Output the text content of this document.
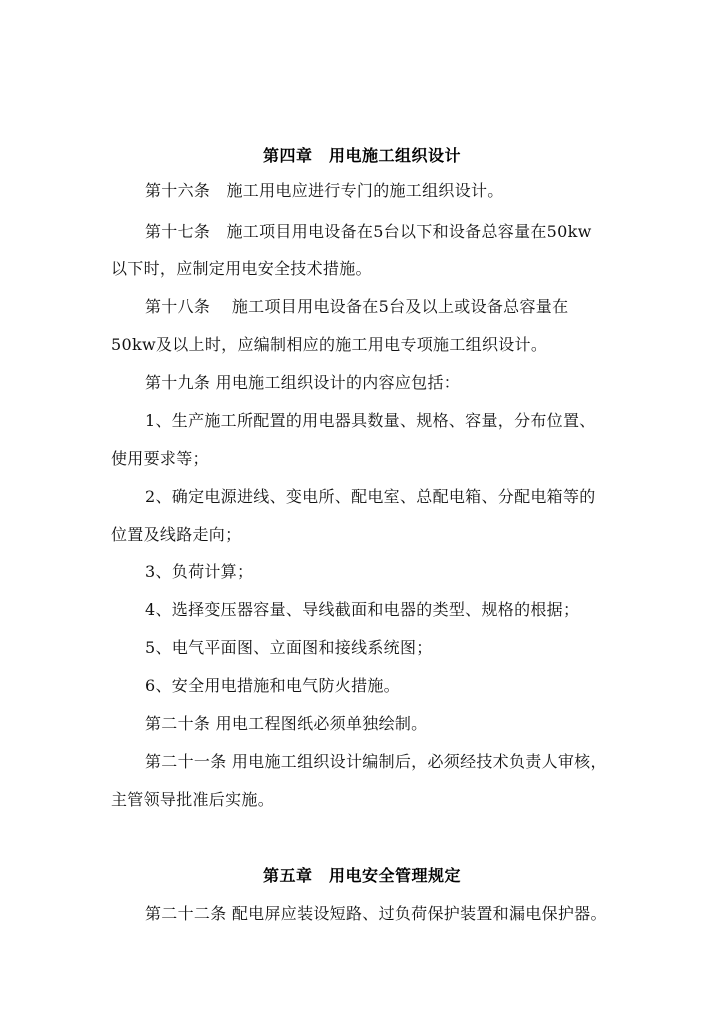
第四章　用电施工组织设计
第十六条　施工用电应进行专门的施工组织设计。
第十七条　施工项目用电设备在5台以下和设备总容量在50kw
以下时，应制定用电安全技术措施。
第十八条　 施工项目用电设备在5台及以上或设备总容量在
50kw及以上时，应编制相应的施工用电专项施工组织设计。
第十九条 用电施工组织设计的内容应包括：
1、生产施工所配置的用电器具数量、规格、容量，分布位置、
使用要求等；
2、确定电源进线、变电所、配电室、总配电箱、分配电箱等的
位置及线路走向；
3、负荷计算；
4、选择变压器容量、导线截面和电器的类型、规格的根据；
5、电气平面图、立面图和接线系统图；
6、安全用电措施和电气防火措施。
第二十条 用电工程图纸必须单独绘制。
第二十一条 用电施工组织设计编制后，必须经技术负责人审核，
主管领导批准后实施。
第五章　用电安全管理规定
第二十二条 配电屏应装设短路、过负荷保护装置和漏电保护器。
